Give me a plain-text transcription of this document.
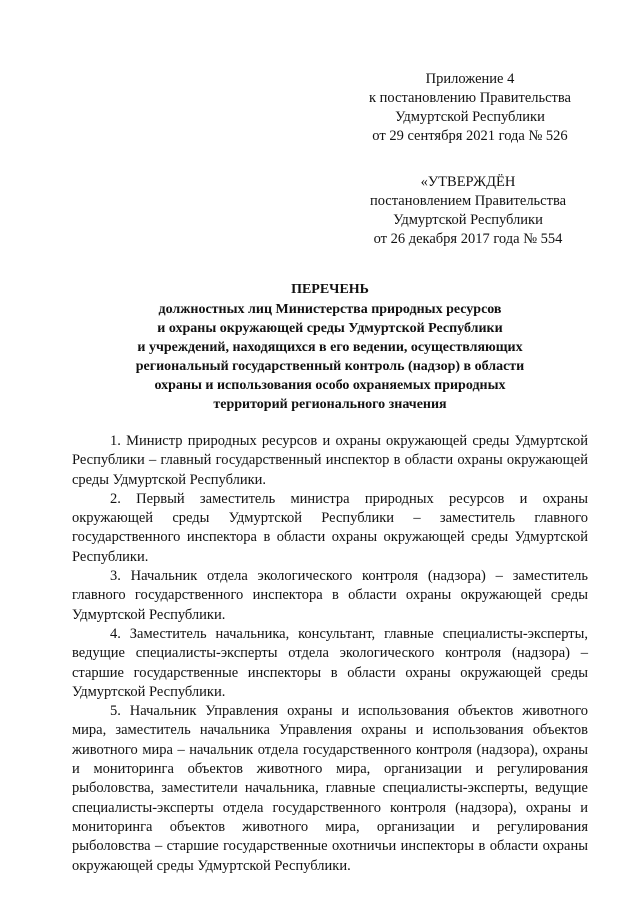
Приложение 4
к постановлению Правительства
Удмуртской Республики
от 29 сентября 2021 года № 526
«УТВЕРЖДЁН
постановлением Правительства
Удмуртской Республики
от 26 декабря 2017 года № 554
ПЕРЕЧЕНЬ
должностных лиц Министерства природных ресурсов
и охраны окружающей среды Удмуртской Республики
и учреждений, находящихся в его ведении, осуществляющих
региональный государственный контроль (надзор) в области
охраны и использования особо охраняемых природных
территорий регионального значения

1. Министр природных ресурсов и охраны окружающей среды Удмуртской Республики – главный государственный инспектор в области охраны окружающей среды Удмуртской Республики.

2. Первый заместитель министра природных ресурсов и охраны окружающей среды Удмуртской Республики – заместитель главного государственного инспектора в области охраны окружающей среды Удмуртской Республики.

3. Начальник отдела экологического контроля (надзора) – заместитель главного государственного инспектора в области охраны окружающей среды Удмуртской Республики.

4. Заместитель начальника, консультант, главные специалисты-эксперты, ведущие специалисты-эксперты отдела экологического контроля (надзора) – старшие государственные инспекторы в области охраны окружающей среды Удмуртской Республики.

5. Начальник Управления охраны и использования объектов животного мира, заместитель начальника Управления охраны и использования объектов животного мира – начальник отдела государственного контроля (надзора), охраны и мониторинга объектов животного мира, организации и регулирования рыболовства, заместители начальника, главные специалисты-эксперты, ведущие специалисты-эксперты отдела государственного контроля (надзора), охраны и мониторинга объектов животного мира, организации и регулирования рыболовства – старшие государственные охотничьи инспекторы в области охраны окружающей среды Удмуртской Республики.
